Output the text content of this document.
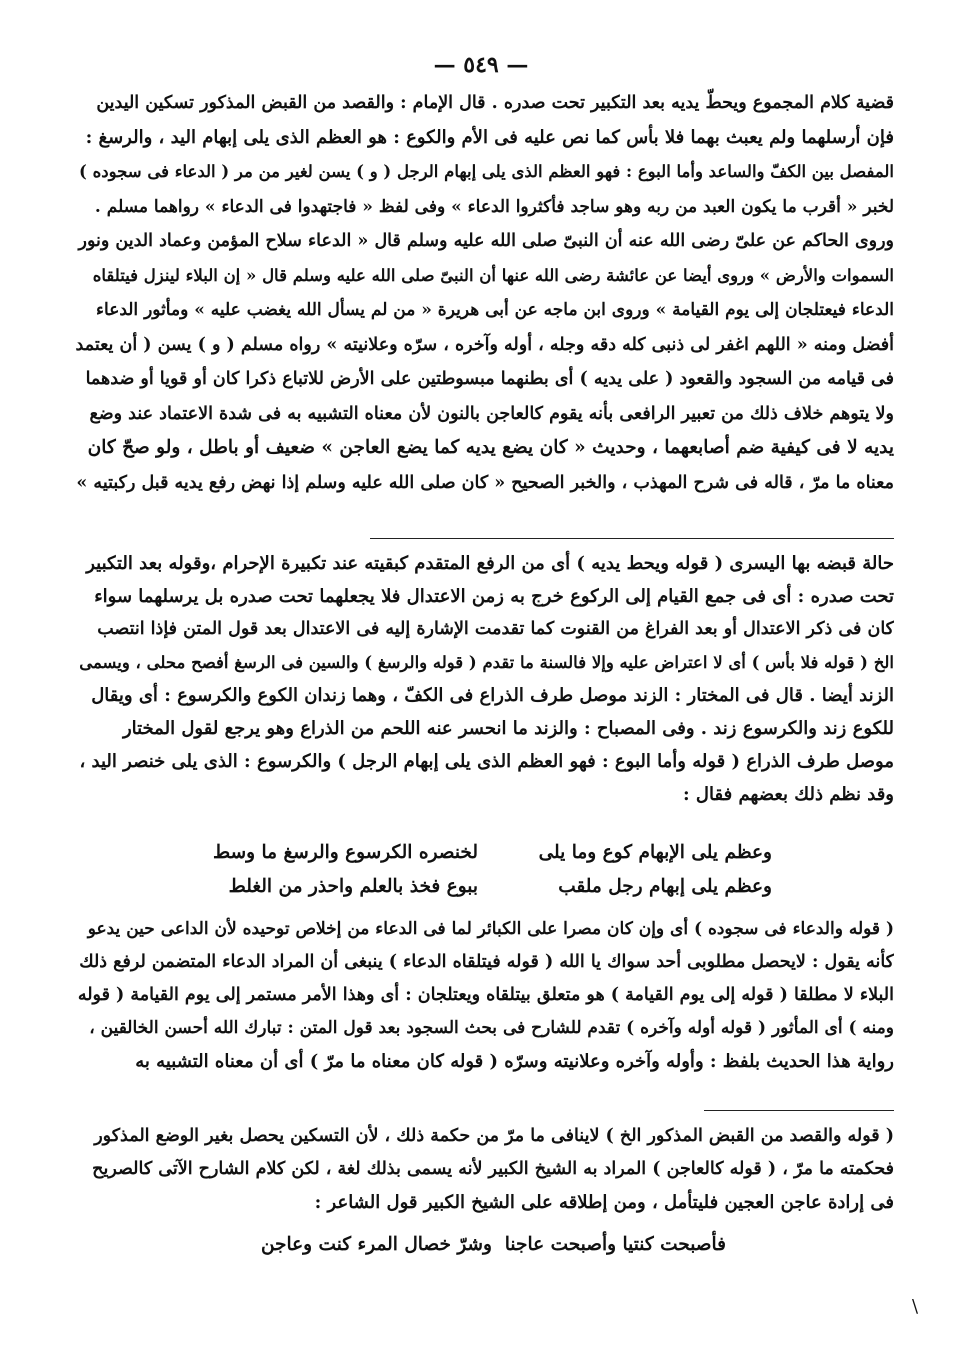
— ٥٤٩ —
قضية كلام المجموع ويحطّ يديه بعد التكبير تحت صدره . قال الإمام : والقصد من القبض المذكور تسكين اليدين
فإن أرسلهما ولم يعبث بهما فلا بأس كما نص عليه فى الأم والكوع : هو العظم الذى يلى إبهام اليد ، والرسغ :
المفصل بين الكفّ والساعد وأما البوع : فهو العظم الذى يلى إبهام الرجل ( و ) يسن لغير من مر ( الدعاء فى سجوده )
لخبر « أقرب ما يكون العبد من ربه وهو ساجد فأكثروا الدعاء » وفى لفظ « فاجتهدوا فى الدعاء » رواهما مسلم .
وروى الحاكم عن علىّ رضى الله عنه أن النبىّ صلى الله عليه وسلم قال « الدعاء سلاح المؤمن وعماد الدين ونور
السموات والأرض » وروى أيضا عن عائشة رضى الله عنها أن النبىّ صلى الله عليه وسلم قال « إن البلاء لينزل فيتلقاه
الدعاء فيعتلجان إلى يوم القيامة » وروى ابن ماجه عن أبى هريرة « من لم يسأل الله يغضب عليه » ومأثور الدعاء
أفضل ومنه « اللهم اغفر لى ذنبى كله دقه وجله ، أوله وآخره ، سرّه وعلانيته » رواه مسلم ( و ) يسن ( أن يعتمد
فى قيامه من السجود والقعود ( على يديه ) أى بطنهما مبسوطتين على الأرض للاتباع ذكرا كان أو قويا أو ضدهما
ولا يتوهم خلاف ذلك من تعبير الرافعى بأنه يقوم كالعاجن بالنون لأن معناه التشبيه به فى شدة الاعتماد عند وضع
يديه لا فى كيفية ضم أصابعهما ، وحديث « كان يضع يديه كما يضع العاجن » ضعيف أو باطل ، ولو صحّ كان
معناه ما مرّ ، قاله فى شرح المهذب ، والخبر الصحيح « كان صلى الله عليه وسلم إذا نهض رفع يديه قبل ركبتيه »
حالة قبضه بها اليسرى ( قوله ويحط يديه ) أى من الرفع المتقدم كبقيته عند تكبيرة الإحرام ،وقوله بعد التكبير
تحت صدره : أى فى جمع القيام إلى الركوع خرج به زمن الاعتدال فلا يجعلهما تحت صدره بل يرسلهما سواء
كان فى ذكر الاعتدال أو بعد الفراغ من القنوت كما تقدمت الإشارة إليه فى الاعتدال بعد قول المتن فإذا انتصب
الخ ( قوله فلا بأس ) أى لا اعتراض عليه وإلا فالسنة ما تقدم ( قوله والرسغ ) والسين فى الرسغ أفصح محلى ، ويسمى
الزند أيضا . قال فى المختار : الزند موصل طرف الذراع فى الكفّ ، وهما زندان الكوع والكرسوع : أى ويقال
للكوع زند والكرسوع زند . وفى المصباح : والزند ما انحسر عنه اللحم من الذراع وهو يرجع لقول المختار
موصل طرف الذراع ( قوله وأما البوع : فهو العظم الذى يلى إبهام الرجل ) والكرسوع : الذى يلى خنصر اليد ،
وقد نظم ذلك بعضهم فقال :
وعظم يلى الإبهام كوع وما يلى
لخنصره الكرسوع والرسغ ما وسط
وعظم يلى إبهام رجل ملقب
ببوع فخذ بالعلم واحذر من الغلط
( قوله والدعاء فى سجوده ) أى وإن كان مصرا على الكبائر لما فى الدعاء من إخلاص توحيده لأن الداعى حين يدعو
كأنه يقول : لايحصل مطلوبى أحد سواك يا الله ( قوله فيتلقاه الدعاء ) ينبغى أن المراد الدعاء المتضمن لرفع ذلك
البلاء لا مطلقا ( قوله إلى يوم القيامة ) هو متعلق بيتلقاه ويعتلجان : أى وهذا الأمر مستمر إلى يوم القيامة ( قوله
ومنه ) أى المأثور ( قوله أوله وآخره ) تقدم للشارح فى بحث السجود بعد قول المتن : تبارك الله أحسن الخالقين ،
رواية هذا الحديث بلفظ : وأوله وآخره وعلانيته وسرّه ( قوله كان معناه ما مرّ ) أى أن معناه التشبيه به
( قوله والقصد من القبض المذكور الخ ) لاينافى ما مرّ من حكمة ذلك ، لأن التسكين يحصل بغير الوضع المذكور
فحكمته ما مرّ ، ( قوله كالعاجن ) المراد به الشيخ الكبير لأنه يسمى بذلك لغة ، لكن كلام الشارح الآتى كالصريح
فى إرادة عاجن العجين فليتأمل ، ومن إطلاقه على الشيخ الكبير قول الشاعر :
فأصبحت كنتيا وأصبحت عاجنا
وشرّ خصال المرء كنت وعاجن
\
